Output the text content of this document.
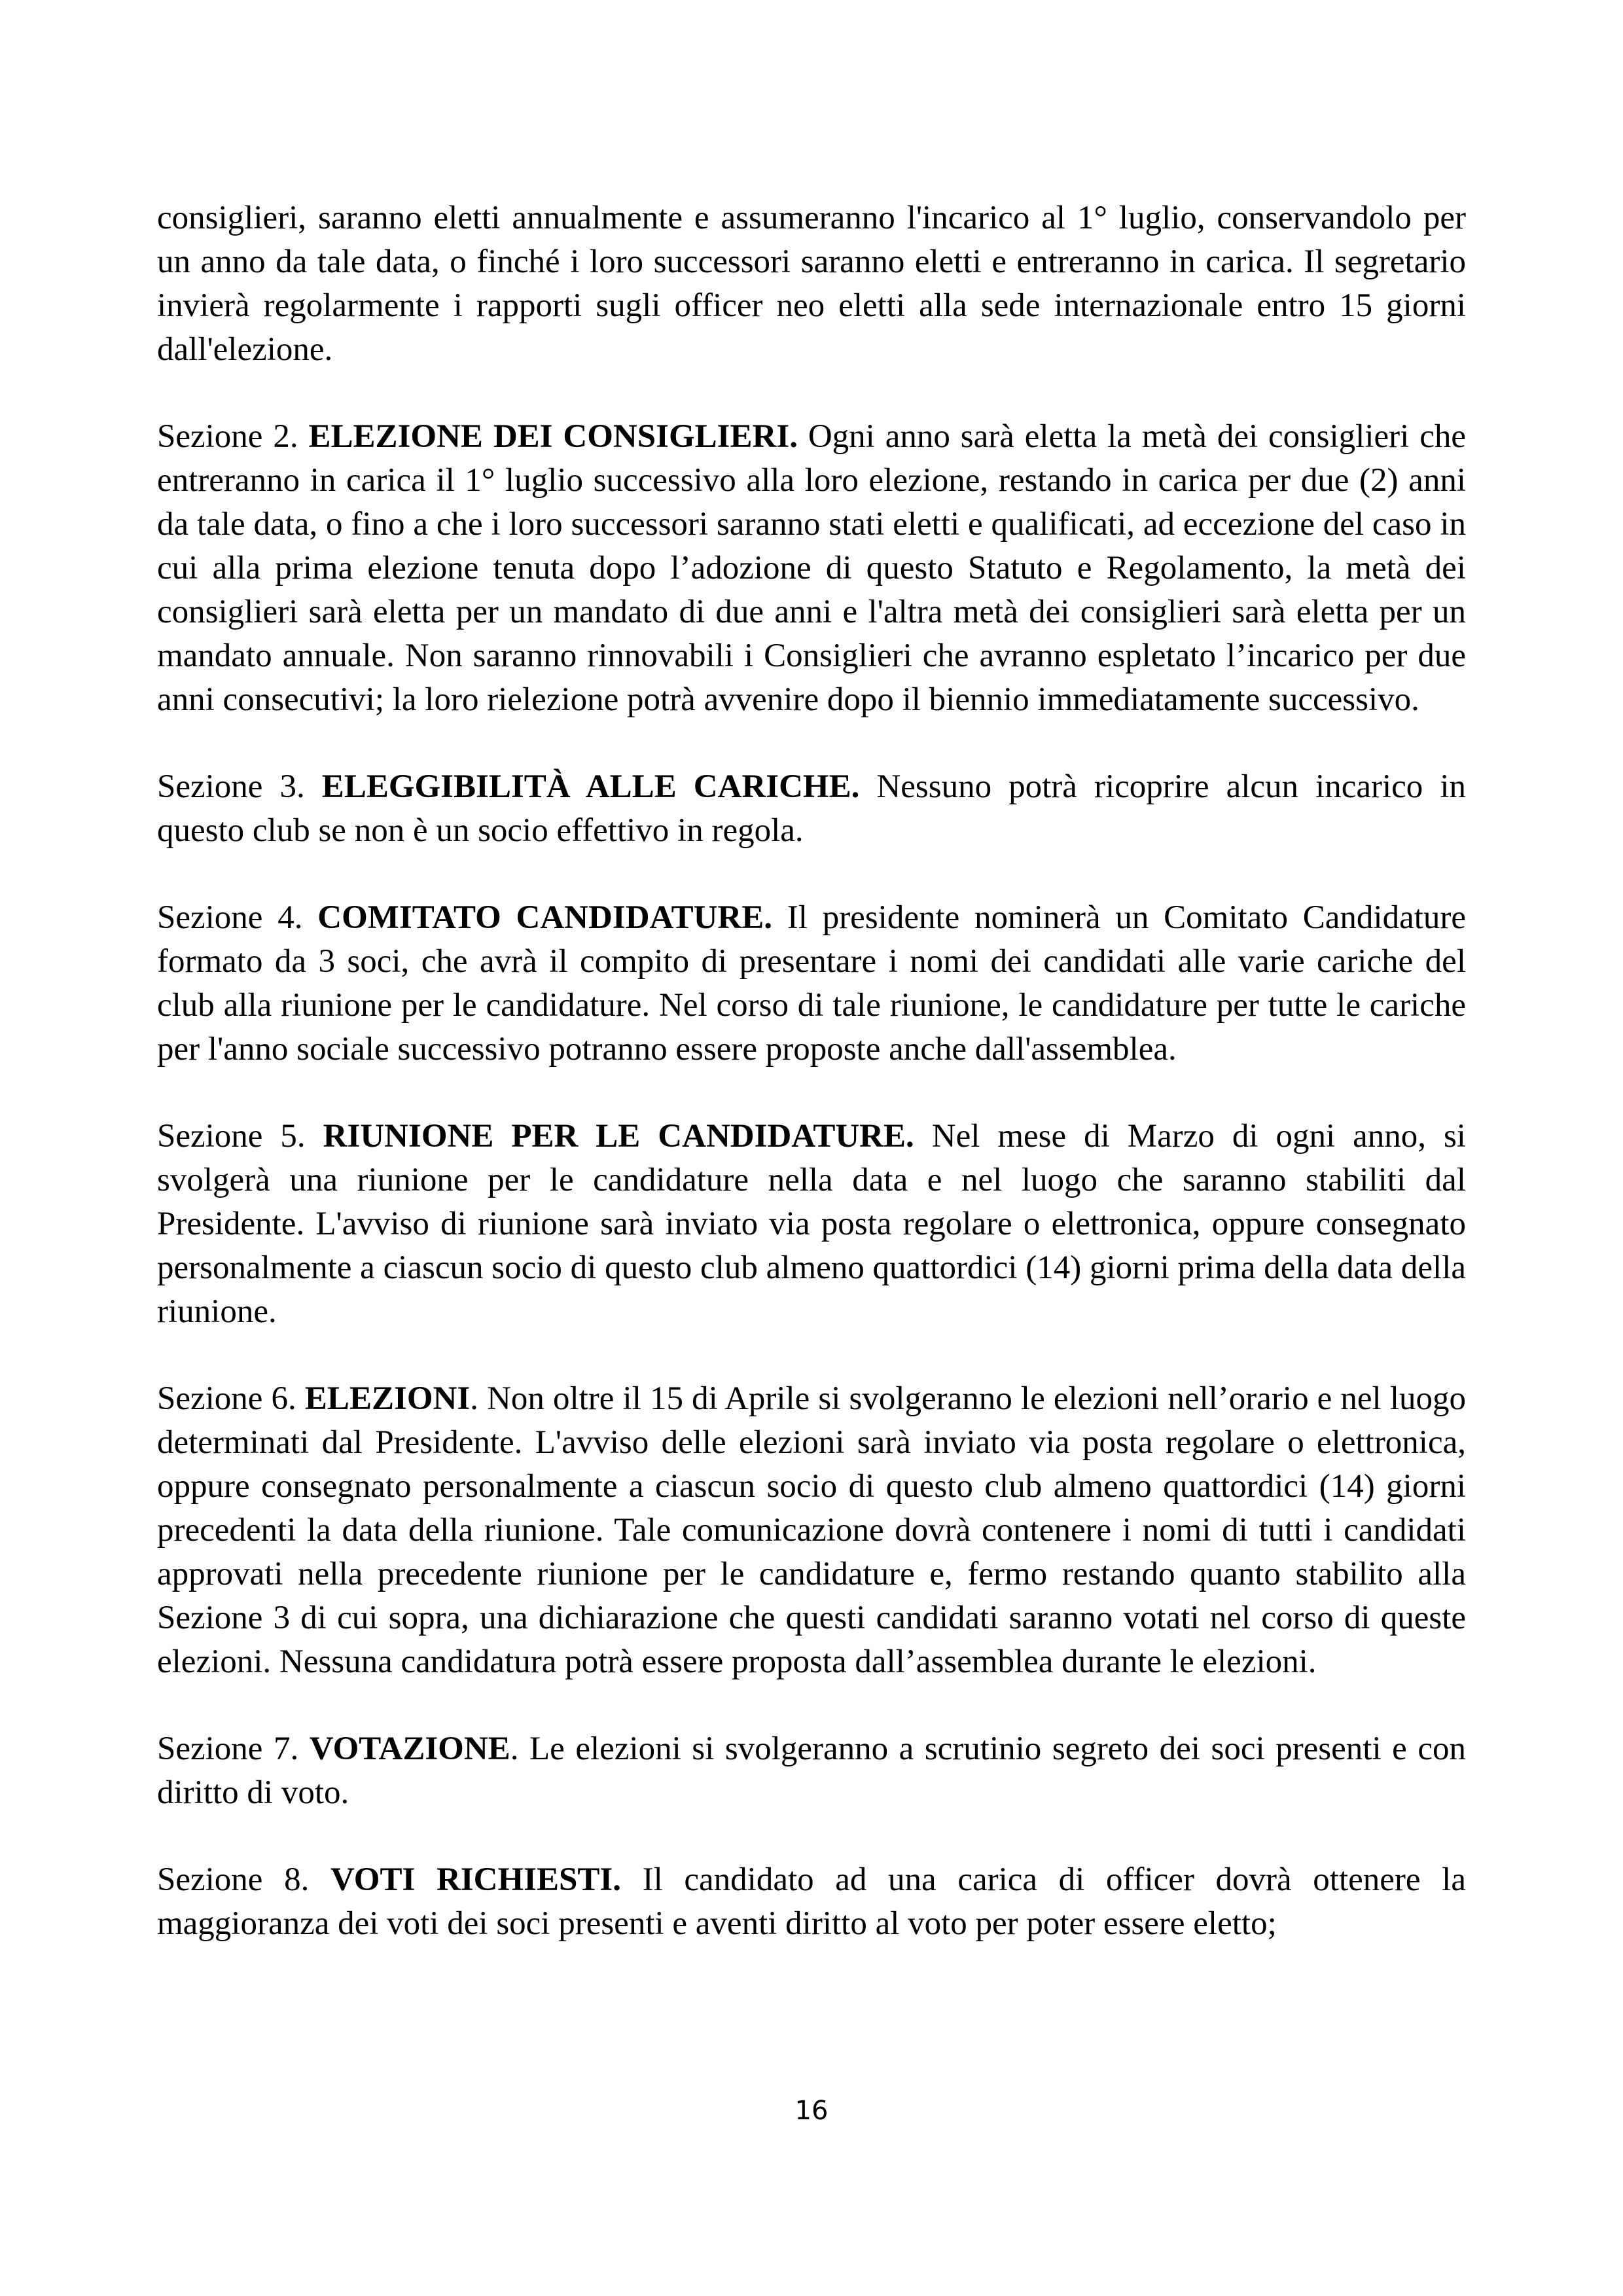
consiglieri, saranno eletti annualmente e assumeranno l'incarico al 1° luglio, conservandolo per un anno da tale data, o finché i loro successori saranno eletti e entreranno in carica. Il segretario invierà regolarmente i rapporti sugli officer neo eletti alla sede internazionale entro 15 giorni dall'elezione.

Sezione 2. ELEZIONE DEI CONSIGLIERI. Ogni anno sarà eletta la metà dei consiglieri che entreranno in carica il 1° luglio successivo alla loro elezione, restando in carica per due (2) anni da tale data, o fino a che i loro successori saranno stati eletti e qualificati, ad eccezione del caso in cui alla prima elezione tenuta dopo l’adozione di questo Statuto e Regolamento, la metà dei consiglieri sarà eletta per un mandato di due anni e l'altra metà dei consiglieri sarà eletta per un mandato annuale. Non saranno rinnovabili i Consiglieri che avranno espletato l’incarico per due anni consecutivi; la loro rielezione potrà avvenire dopo il biennio immediatamente successivo.

Sezione 3. ELEGGIBILITÀ ALLE CARICHE. Nessuno potrà ricoprire alcun incarico in questo club se non è un socio effettivo in regola.

Sezione 4. COMITATO CANDIDATURE. Il presidente nominerà un Comitato Candidature formato da 3 soci, che avrà il compito di presentare i nomi dei candidati alle varie cariche del club alla riunione per le candidature. Nel corso di tale riunione, le candidature per tutte le cariche per l'anno sociale successivo potranno essere proposte anche dall'assemblea.

Sezione 5. RIUNIONE PER LE CANDIDATURE. Nel mese di Marzo di ogni anno, si svolgerà una riunione per le candidature nella data e nel luogo che saranno stabiliti dal Presidente. L'avviso di riunione sarà inviato via posta regolare o elettronica, oppure consegnato personalmente a ciascun socio di questo club almeno quattordici (14) giorni prima della data della riunione.

Sezione 6. ELEZIONI. Non oltre il 15 di Aprile si svolgeranno le elezioni nell’orario e nel luogo determinati dal Presidente. L'avviso delle elezioni sarà inviato via posta regolare o elettronica, oppure consegnato personalmente a ciascun socio di questo club almeno quattordici (14) giorni precedenti la data della riunione. Tale comunicazione dovrà contenere i nomi di tutti i candidati approvati nella precedente riunione per le candidature e, fermo restando quanto stabilito alla Sezione 3 di cui sopra, una dichiarazione che questi candidati saranno votati nel corso di queste elezioni. Nessuna candidatura potrà essere proposta dall’assemblea durante le elezioni.

Sezione 7. VOTAZIONE. Le elezioni si svolgeranno a scrutinio segreto dei soci presenti e con diritto di voto.

Sezione 8. VOTI RICHIESTI. Il candidato ad una carica di officer dovrà ottenere la maggioranza dei voti dei soci presenti e aventi diritto al voto per poter essere eletto;

16
